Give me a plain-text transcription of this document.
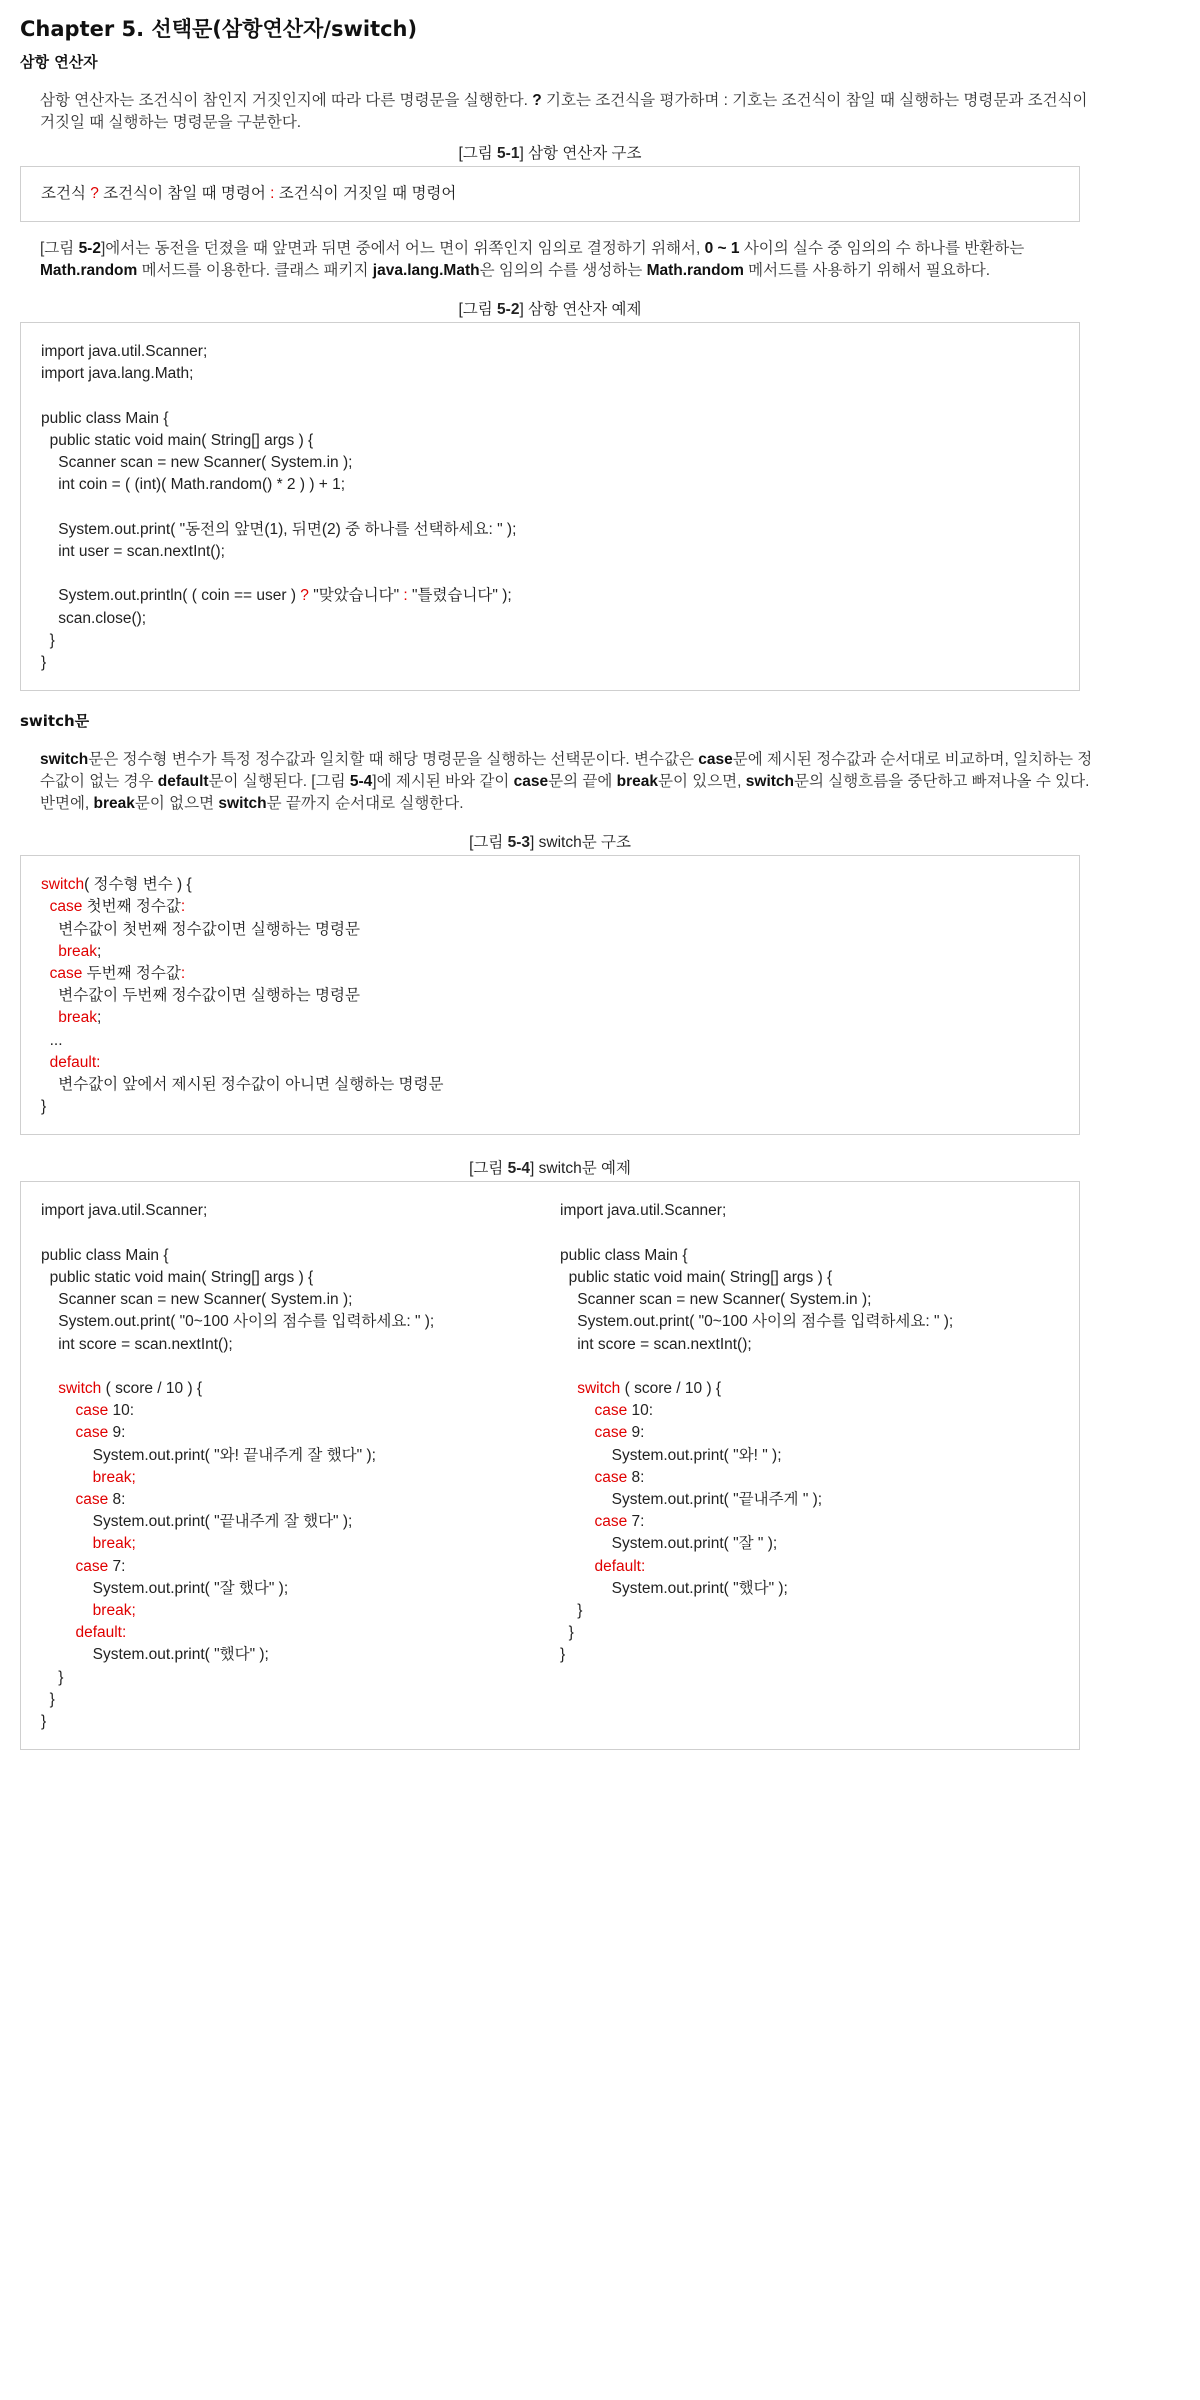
Chapter 5. 선택문(삼항연산자/switch)
삼항 연산자

삼항 연산자는 조건식이 참인지 거짓인지에 따라 다른 명령문을 실행한다. ? 기호는 조건식을 평가하며 : 기호는 조건식이 참일 때 실행하는 명령문과 조건식이 거짓일 때 실행하는 명령문을 구분한다.

[그림 5-1] 삼항 연산자 구조
조건식 ? 조건식이 참일 때 명령어 : 조건식이 거짓일 때 명령어

[그림 5-2]에서는 동전을 던졌을 때 앞면과 뒤면 중에서 어느 면이 위쪽인지 임의로 결정하기 위해서, 0 ~ 1 사이의 실수 중 임의의 수 하나를 반환하는 Math.random 메서드를 이용한다. 클래스 패키지 java.lang.Math은 임의의 수를 생성하는 Math.random 메서드를 사용하기 위해서 필요하다.

[그림 5-2] 삼항 연산자 예제
import java.util.Scanner;
import java.lang.Math;
public class Main {
public static void main( String[] args ) {
Scanner scan = new Scanner( System.in );
int coin = ( (int)( Math.random() * 2 ) ) + 1;
System.out.print( "동전의 앞면(1), 뒤면(2) 중 하나를 선택하세요: " );
int user = scan.nextInt();
System.out.println( ( coin == user ) ? "맞았습니다" : "틀렸습니다" );
scan.close();
}
}
switch문

switch문은 정수형 변수가 특정 정수값과 일치할 때 해당 명령문을 실행하는 선택문이다. 변수값은 case문에 제시된 정수값과 순서대로 비교하며, 일치하는 정수값이 없는 경우 default문이 실행된다. [그림 5-4]에 제시된 바와 같이 case문의 끝에 break문이 있으면, switch문의 실행흐름을 중단하고 빠져나올 수 있다. 반면에, break문이 없으면 switch문 끝까지 순서대로 실행한다.

[그림 5-3] switch문 구조
switch( 정수형 변수 ) {
case 첫번째 정수값:
변수값이 첫번째 정수값이면 실행하는 명령문
break;
case 두번째 정수값:
변수값이 두번째 정수값이면 실행하는 명령문
break;
...
default:
변수값이 앞에서 제시된 정수값이 아니면 실행하는 명령문
}
[그림 5-4] switch문 예제
import java.util.Scanner;
public class Main {
public static void main( String[] args ) {
Scanner scan = new Scanner( System.in );
System.out.print( "0~100 사이의 점수를 입력하세요: " );
int score = scan.nextInt();
switch ( score / 10 ) {
case 10:
case 9:
System.out.print( "와! 끝내주게 잘 했다" );
break;
case 8:
System.out.print( "끝내주게 잘 했다" );
break;
case 7:
System.out.print( "잘 했다" );
break;
default:
System.out.print( "했다" );
}
}
}
import java.util.Scanner;
public class Main {
public static void main( String[] args ) {
Scanner scan = new Scanner( System.in );
System.out.print( "0~100 사이의 점수를 입력하세요: " );
int score = scan.nextInt();
switch ( score / 10 ) {
case 10:
case 9:
System.out.print( "와! " );
case 8:
System.out.print( "끝내주게 " );
case 7:
System.out.print( "잘 " );
default:
System.out.print( "했다" );
}
}
}
